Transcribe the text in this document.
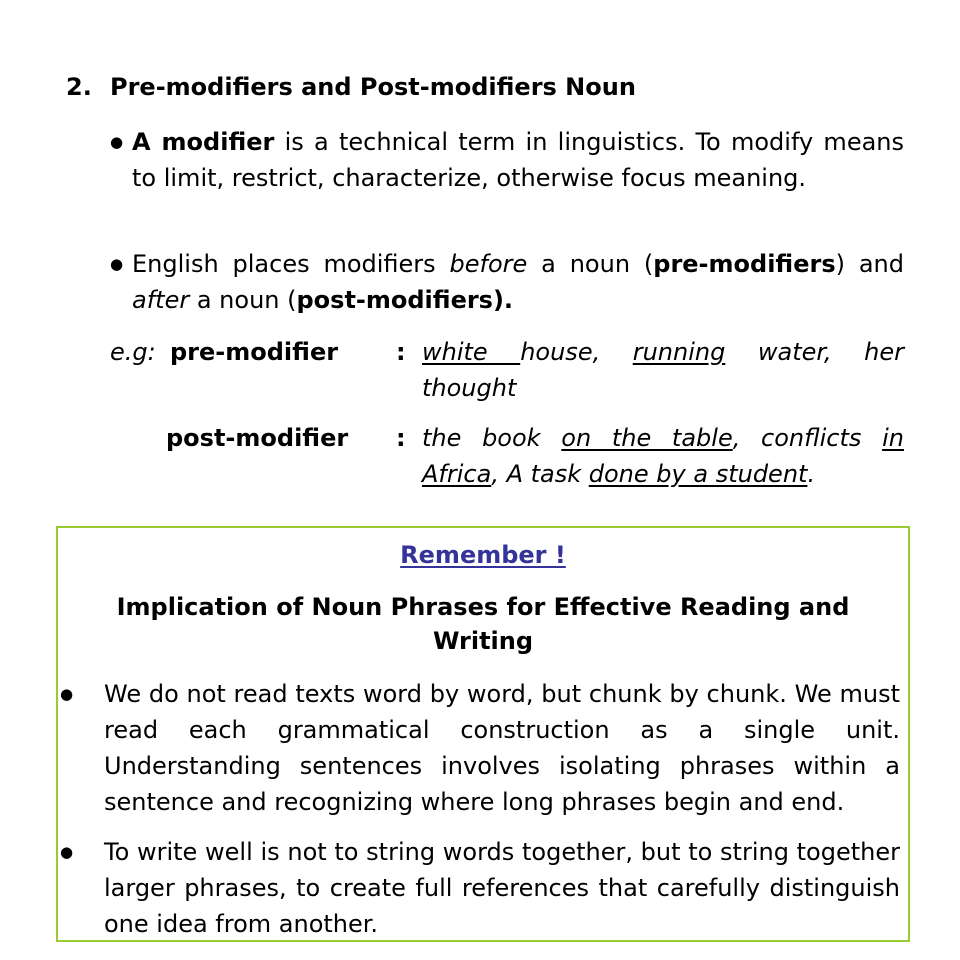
2. Pre-modifiers and Post-modifiers Noun
● A modifier is a technical term in linguistics. To modify means to limit, restrict, characterize, otherwise focus meaning.
● English places modifiers before a noun (pre-modifiers) and after a noun (post-modifiers).
e.g: pre-modifier : white house, running water, her thought
post-modifier : the book on the table, conflicts in Africa, A task done by a student.
Remember !
Implication of Noun Phrases for Effective Reading and Writing
● We do not read texts word by word, but chunk by chunk. We must read each grammatical construction as a single unit. Understanding sentences involves isolating phrases within a sentence and recognizing where long phrases begin and end.
● To write well is not to string words together, but to string together larger phrases, to create full references that carefully distinguish one idea from another.
